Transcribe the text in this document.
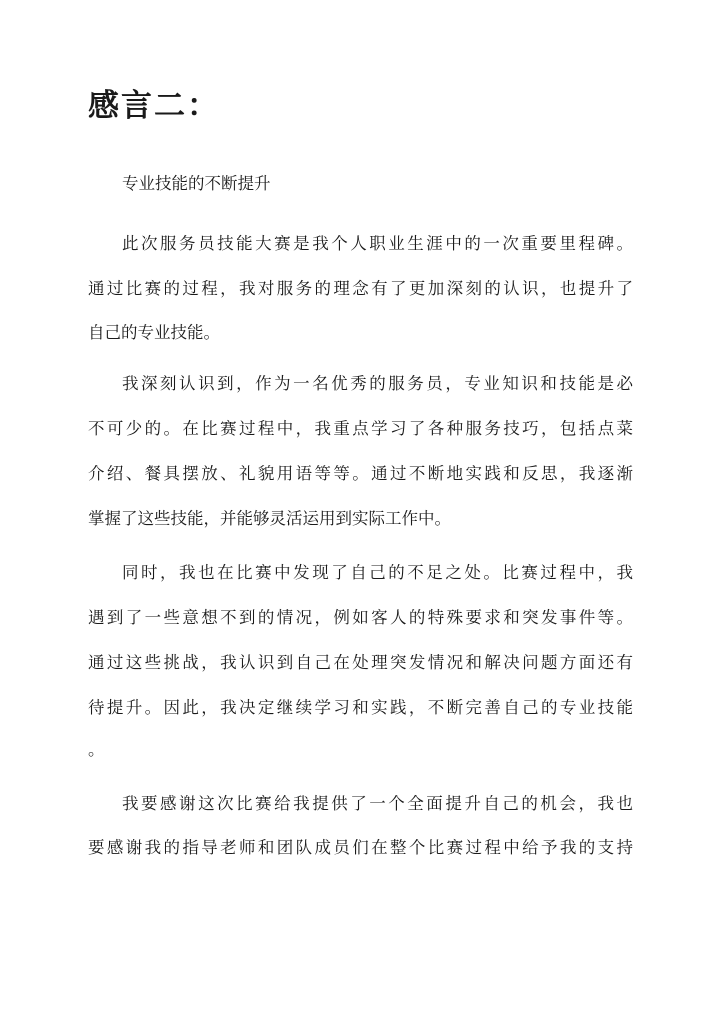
感言二：

专业技能的不断提升

此次服务员技能大赛是我个人职业生涯中的一次重要里程碑。

通过比赛的过程，我对服务的理念有了更加深刻的认识，也提升了

自己的专业技能。

我深刻认识到，作为一名优秀的服务员，专业知识和技能是必

不可少的。在比赛过程中，我重点学习了各种服务技巧，包括点菜

介绍、餐具摆放、礼貌用语等等。通过不断地实践和反思，我逐渐

掌握了这些技能，并能够灵活运用到实际工作中。

同时，我也在比赛中发现了自己的不足之处。比赛过程中，我

遇到了一些意想不到的情况，例如客人的特殊要求和突发事件等。

通过这些挑战，我认识到自己在处理突发情况和解决问题方面还有

待提升。因此，我决定继续学习和实践，不断完善自己的专业技能

。

我要感谢这次比赛给我提供了一个全面提升自己的机会，我也

要感谢我的指导老师和团队成员们在整个比赛过程中给予我的支持
